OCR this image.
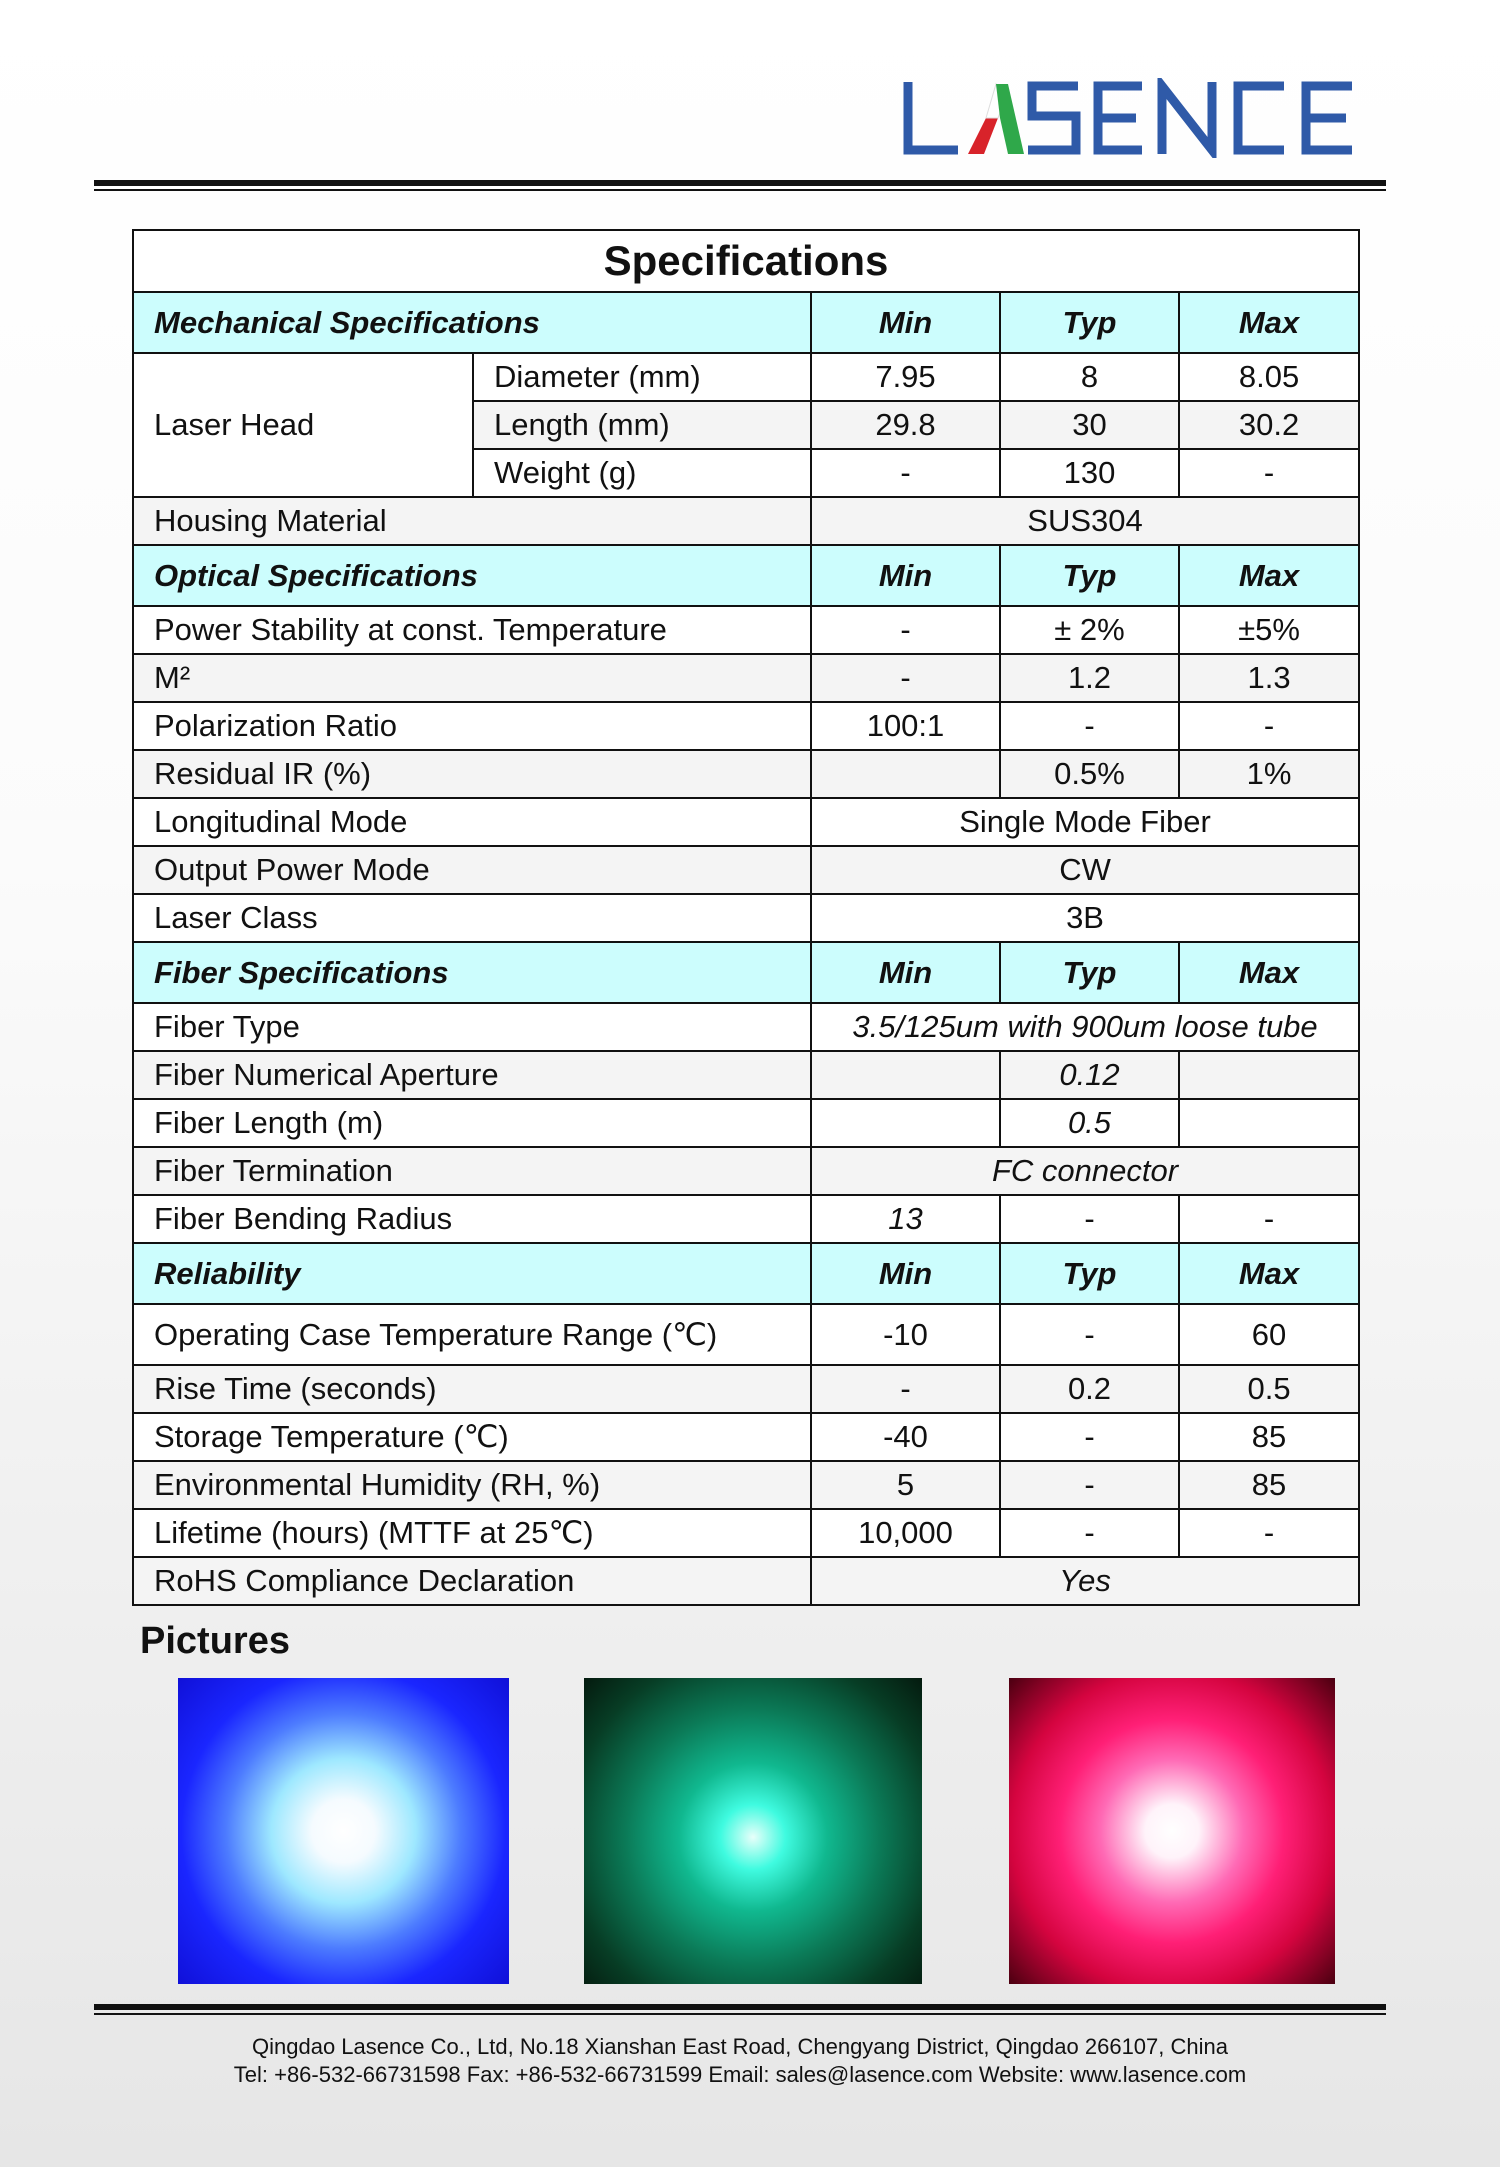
Specifications				
Mechanical Specifications		Min	Typ	Max
Laser Head	Diameter (mm)	7.95	8	8.05
	Length (mm)	29.8	30	30.2
	Weight (g)	-	130	-
Housing Material		SUS304		
Optical Specifications		Min	Typ	Max
Power Stability at const. Temperature		-	± 2%	±5%
M²		-	1.2	1.3
Polarization Ratio		100:1	-	-
Residual IR (%)			0.5%	1%
Longitudinal Mode		Single Mode Fiber		
Output Power Mode		CW		
Laser Class		3B		
Fiber Specifications		Min	Typ	Max
Fiber Type		3.5/125um with 900um loose tube		
Fiber Numerical Aperture			0.12	
Fiber Length (m)			0.5	
Fiber Termination		FC connector		
Fiber Bending Radius		13	-	-
Reliability		Min	Typ	Max
Operating Case Temperature Range (℃)		-10	-	60
Rise Time (seconds)		-	0.2	0.5
Storage Temperature (℃)		-40	-	85
Environmental Humidity (RH, %)		5	-	85
Lifetime (hours) (MTTF at 25℃)		10,000	-	-
RoHS Compliance Declaration		Yes		
Pictures
Qingdao Lasence Co., Ltd, No.18 Xianshan East Road, Chengyang District, Qingdao 266107, China
Tel: +86-532-66731598 Fax: +86-532-66731599 Email: sales@lasence.com Website: www.lasence.com
